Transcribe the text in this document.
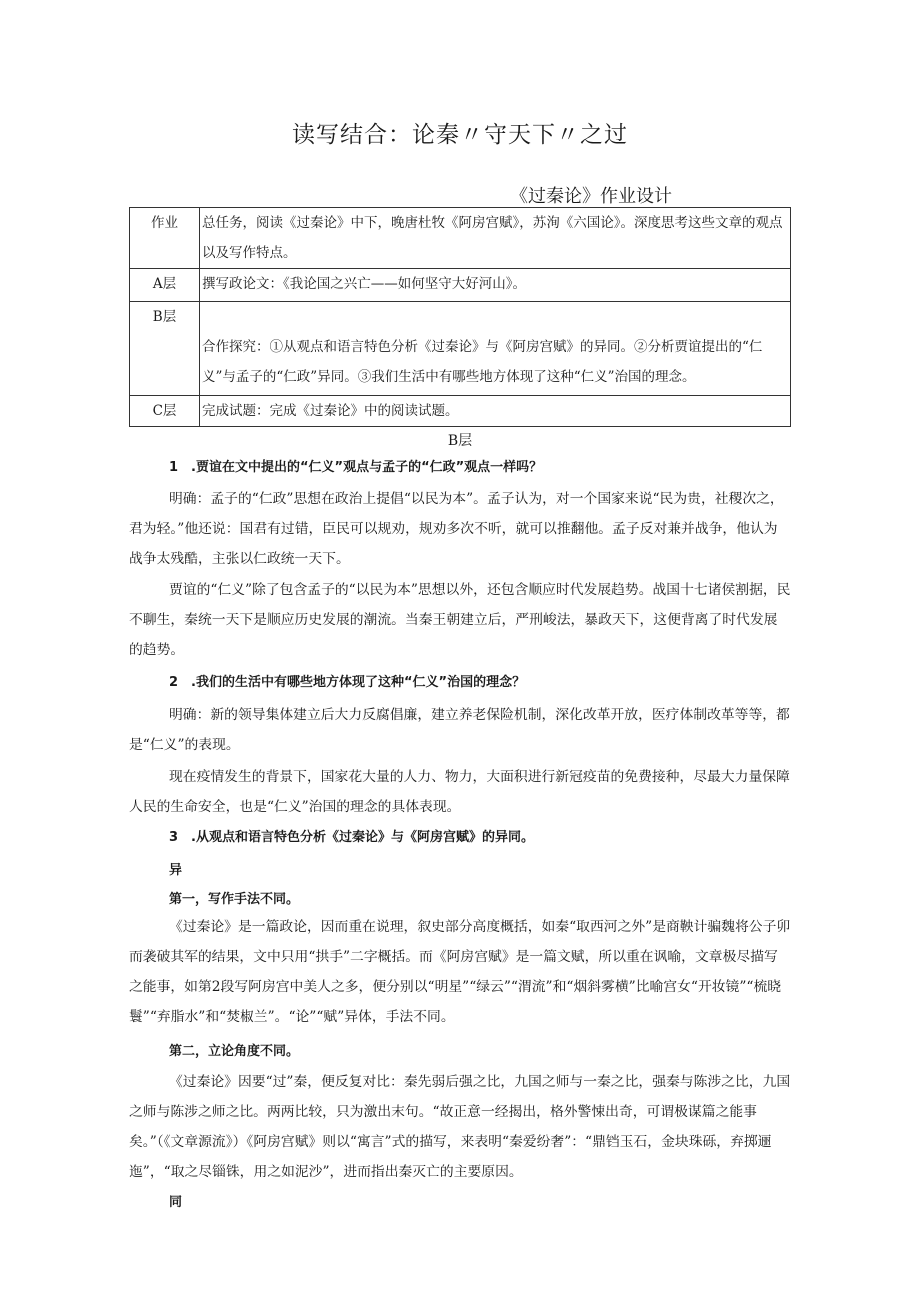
读写结合：论秦〃守天下〃之过
《过秦论》作业设计
作业	总任务，阅读《过秦论》中下，晚唐杜牧《阿房宫赋》，苏洵《六国论》。深度思考这些文章的观点以及写作特点。
A层	撰写政论文：《我论国之兴亡——如何坚守大好河山》。
B层	合作探究：①从观点和语言特色分析《过秦论》与《阿房宫赋》的异同。②分析贾谊提出的“仁义”与孟子的“仁政”异同。③我们生活中有哪些地方体现了这种“仁义”治国的理念。
C层	完成试题：完成《过秦论》中的阅读试题。
B层
1　.贾谊在文中提出的“仁义”观点与孟子的“仁政”观点一样吗？
明确：孟子的“仁政”思想在政治上提倡“以民为本”。孟子认为，对一个国家来说“民为贵，社稷次之，君为轻。”他还说：国君有过错，臣民可以规劝，规劝多次不听，就可以推翻他。孟子反对兼并战争，他认为战争太残酷，主张以仁政统一天下。
贾谊的“仁义”除了包含孟子的“以民为本”思想以外，还包含顺应时代发展趋势。战国十七诸侯割据，民不聊生，秦统一天下是顺应历史发展的潮流。当秦王朝建立后，严刑峻法，暴政天下，这便背离了时代发展的趋势。
2　.我们的生活中有哪些地方体现了这种“仁义”治国的理念？
明确：新的领导集体建立后大力反腐倡廉，建立养老保险机制，深化改革开放，医疗体制改革等等，都是“仁义”的表现。
现在疫情发生的背景下，国家花大量的人力、物力，大面积进行新冠疫苗的免费接种，尽最大力量保障人民的生命安全，也是“仁义”治国的理念的具体表现。
3　.从观点和语言特色分析《过秦论》与《阿房宫赋》的异同。
异
第一，写作手法不同。
《过秦论》是一篇政论，因而重在说理，叙史部分高度概括，如秦“取西河之外”是商鞅计骗魏将公子卯而袭破其军的结果，文中只用“拱手”二字概括。而《阿房宫赋》是一篇文赋，所以重在讽喻，文章极尽描写之能事，如第2段写阿房宫中美人之多，便分别以“明星”“绿云”“渭流”和“烟斜雾横”比喻宫女“开妆镜”“梳晓鬟”“弃脂水”和“焚椒兰”。“论”“赋”异体，手法不同。
第二，立论角度不同。
《过秦论》因要“过”秦，便反复对比：秦先弱后强之比，九国之师与一秦之比，强秦与陈涉之比，九国之师与陈涉之师之比。两两比较，只为激出末句。“故正意一经揭出，格外警悚出奇，可谓极谋篇之能事矣。”（《文章源流》）《阿房宫赋》则以“寓言”式的描写，来表明“秦爱纷奢”：“鼎铛玉石，金块珠砾，弃掷逦迤”，“取之尽锱铢，用之如泥沙”，进而指出秦灭亡的主要原因。
同
